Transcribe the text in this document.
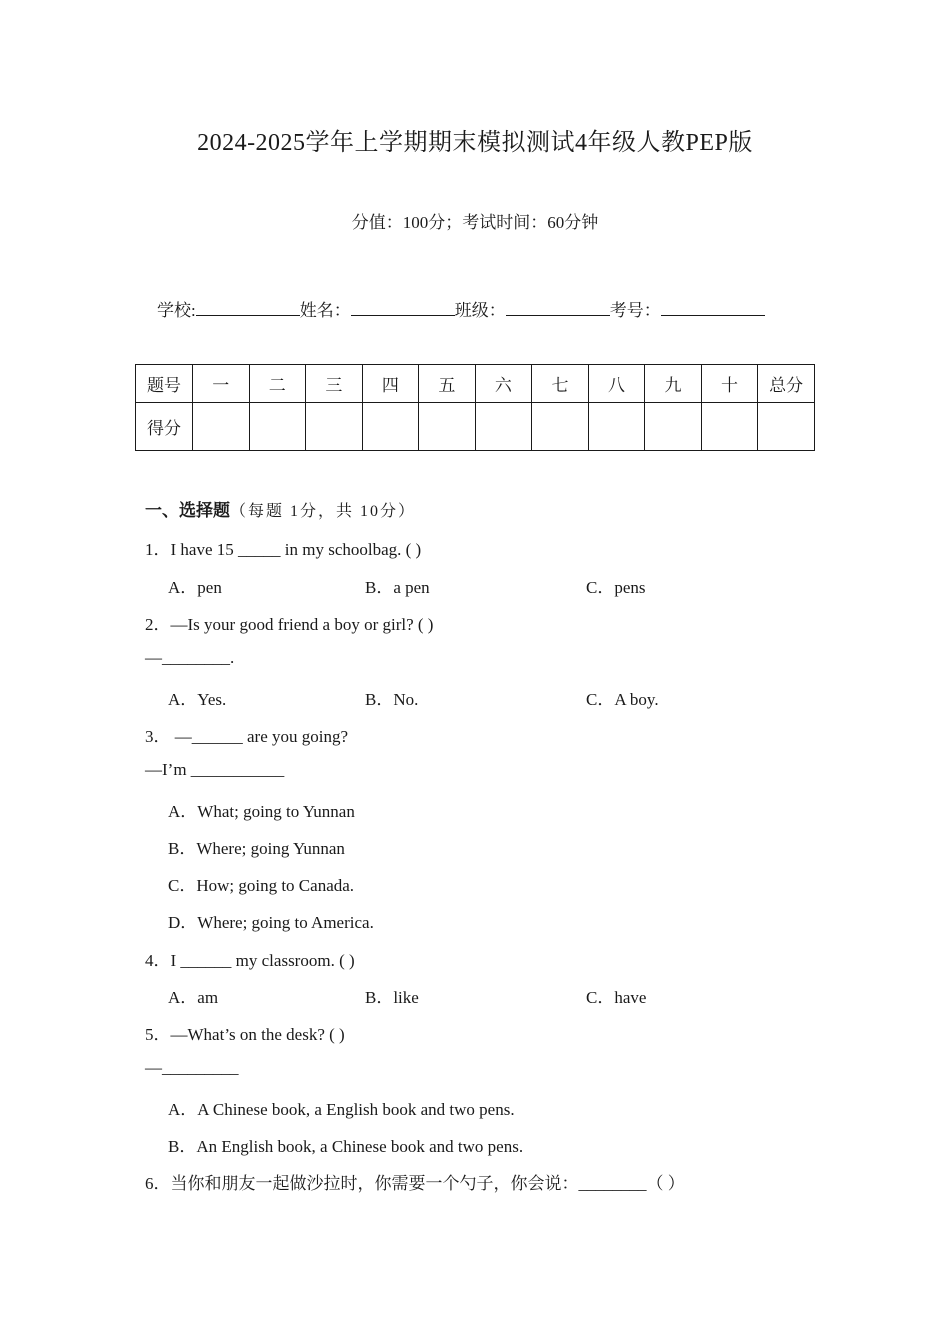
2024-2025学年上学期期末模拟测试4年级人教PEP版
分值：100分；考试时间：60分钟
学校:	姓名：	班级：	考号：
题号	一	二	三	四	五	六	七	八	九	十	总分
得分											
一、选择题（每题 1分，共 10分）
1．I have 15 _____ in my schoolbag. ( )
A．pen	B．a pen	C．pens
2．—Is your good friend a boy or girl? ( )
—________.
A．Yes.	B．No.	C．A boy.
3． —______ are you going?
—I’m ___________
A．What; going to Yunnan
B．Where; going Yunnan
C．How; going to Canada.
D．Where; going to America.
4．I ______ my classroom. ( )
A．am	B．like	C．have
5．—What’s on the desk? ( )
—_________
A．A Chinese book, a English book and two pens.
B．An English book, a Chinese book and two pens.
6．当你和朋友一起做沙拉时，你需要一个勺子，你会说：________（ ）
